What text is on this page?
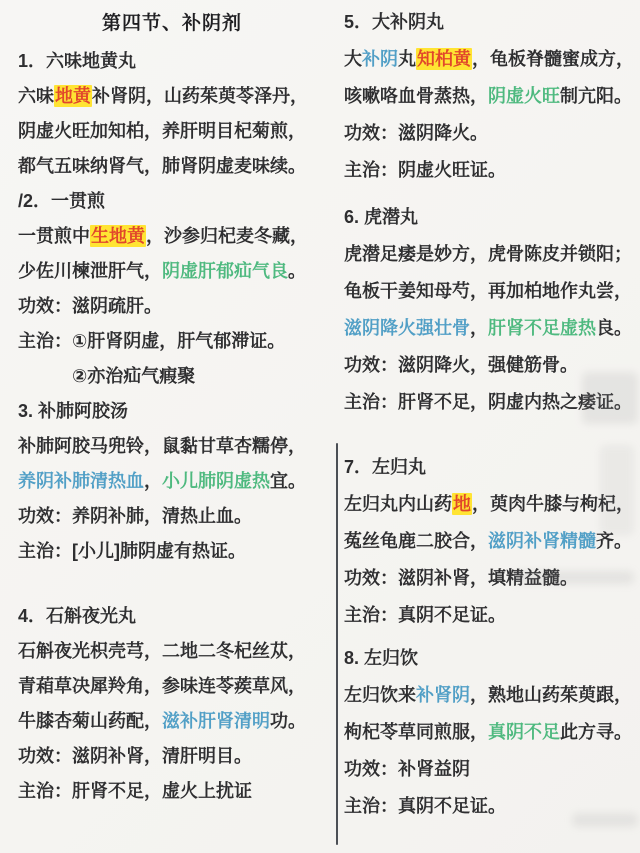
第四节、补阴剂
1．六味地黄丸
六味地黄补肾阴，山药茱萸苓泽丹，
阴虚火旺加知柏，养肝明目杞菊煎，
都气五味纳肾气，肺肾阴虚麦味续。
/2．一贯煎
一贯煎中生地黄，沙参归杞麦冬藏，
少佐川楝泄肝气，阴虚肝郁疝气良。
功效：滋阴疏肝。
主治：①肝肾阴虚，肝气郁滞证。
②亦治疝气瘕聚
3. 补肺阿胶汤
补肺阿胶马兜铃，鼠黏甘草杏糯停，
养阴补肺清热血，小儿肺阴虚热宜。
功效：养阴补肺，清热止血。
主治：[小儿]肺阴虚有热证。
4．石斛夜光丸
石斛夜光枳壳芎，二地二冬杞丝苁，
青葙草决犀羚角，参味连苓蒺草风，
牛膝杏菊山药配，滋补肝肾清明功。
功效：滋阴补肾，清肝明目。
主治：肝肾不足，虚火上扰证
5．大补阴丸
大补阴丸知柏黄，龟板脊髓蜜成方，
咳嗽咯血骨蒸热，阴虚火旺制亢阳。
功效：滋阴降火。
主治：阴虚火旺证。
6. 虎潜丸
虎潜足痿是妙方，虎骨陈皮并锁阳；
龟板干姜知母芍，再加柏地作丸尝，
滋阴降火强壮骨，肝肾不足虚热良。
功效：滋阴降火，强健筋骨。
主治：肝肾不足，阴虚内热之痿证。
7．左归丸
左归丸内山药地，萸肉牛膝与枸杞，
菟丝龟鹿二胶合，滋阴补肾精髓齐。
功效：滋阴补肾，填精益髓。
主治：真阴不足证。
8. 左归饮
左归饮来补肾阴，熟地山药茱萸跟，
枸杞苓草同煎服，真阴不足此方寻。
功效：补肾益阴
主治：真阴不足证。
